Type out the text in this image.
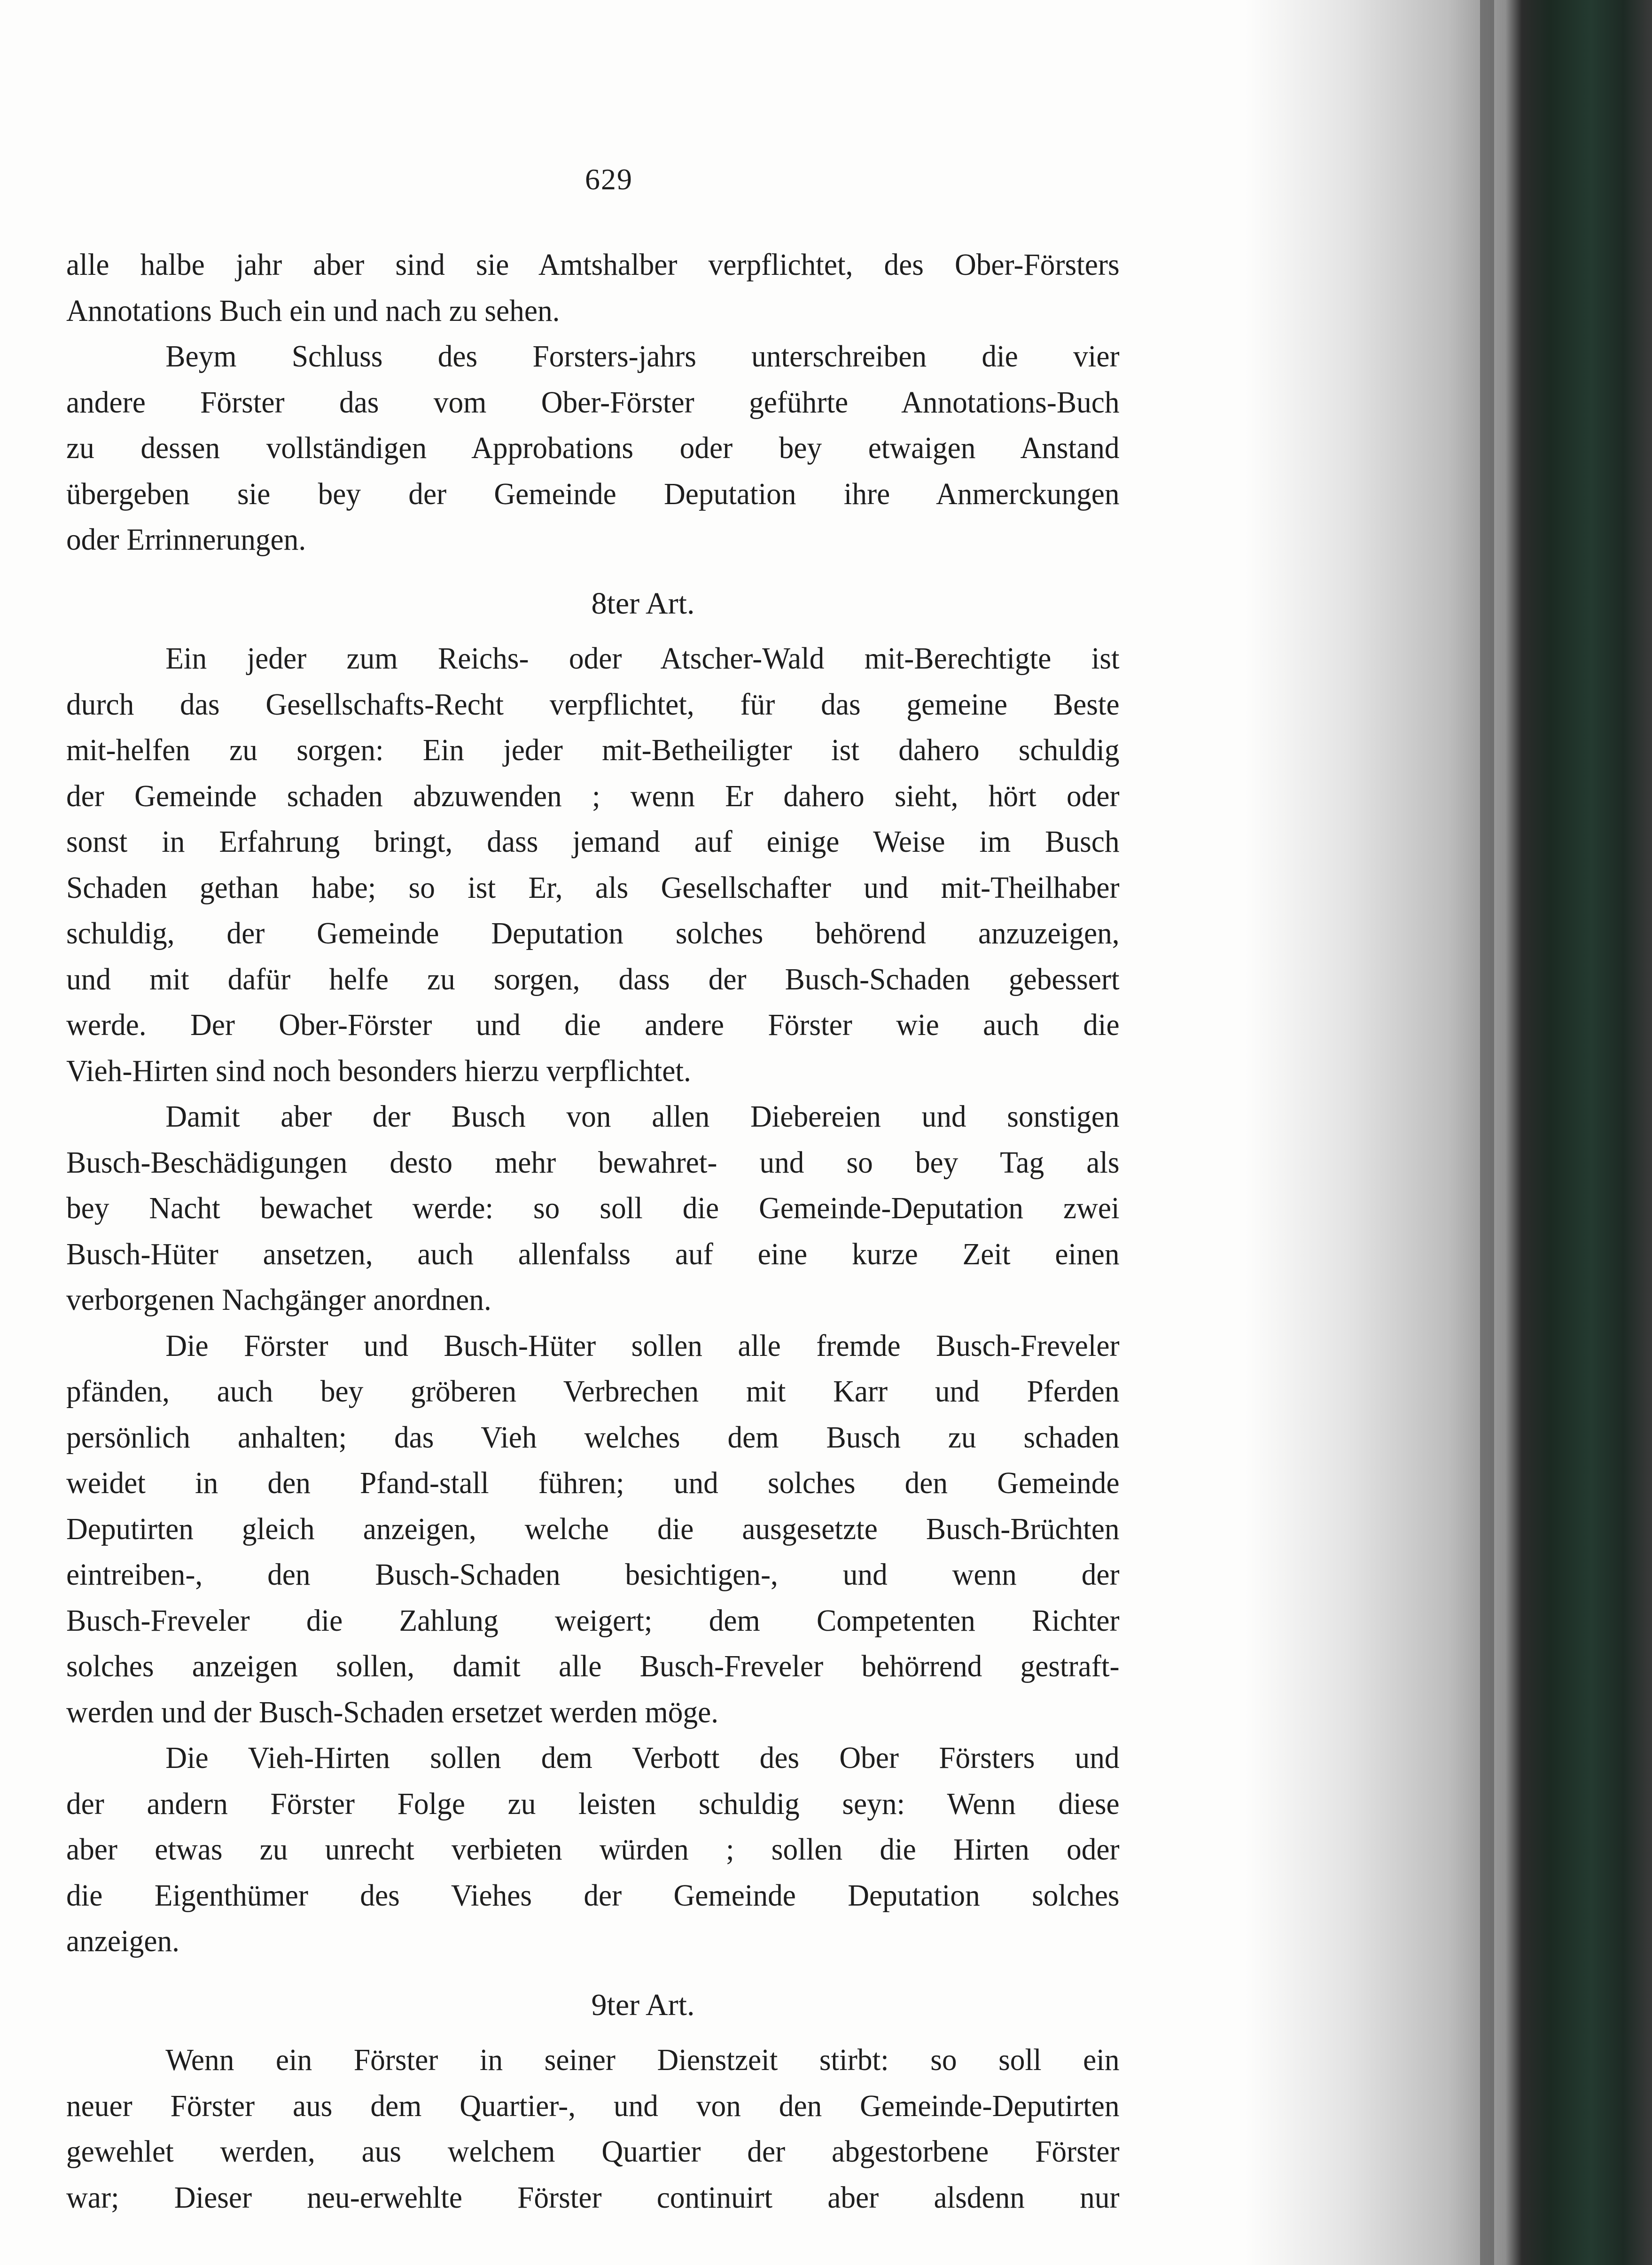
629
alle halbe jahr aber sind sie Amtshalber verpflichtet, des Ober-Försters
Annotations Buch ein und nach zu sehen.
Beym Schluss des Forsters-jahrs unterschreiben die vier
andere Förster das vom Ober-Förster geführte Annotations-Buch
zu dessen vollständigen Approbations oder bey etwaigen Anstand
übergeben sie bey der Gemeinde Deputation ihre Anmerckungen
oder Errinnerungen.
8ter Art.
Ein jeder zum Reichs- oder Atscher-Wald mit-Berechtigte ist
durch das Gesellschafts-Recht verpflichtet, für das gemeine Beste
mit-helfen zu sorgen: Ein jeder mit-Betheiligter ist dahero schuldig
der Gemeinde schaden abzuwenden ; wenn Er dahero sieht, hört oder
sonst in Erfahrung bringt, dass jemand auf einige Weise im Busch
Schaden gethan habe; so ist Er, als Gesellschafter und mit-Theilhaber
schuldig, der Gemeinde Deputation solches behörend anzuzeigen,
und mit dafür helfe zu sorgen, dass der Busch-Schaden gebessert
werde. Der Ober-Förster und die andere Förster wie auch die
Vieh-Hirten sind noch besonders hierzu verpflichtet.
Damit aber der Busch von allen Diebereien und sonstigen
Busch-Beschädigungen desto mehr bewahret- und so bey Tag als
bey Nacht bewachet werde: so soll die Gemeinde-Deputation zwei
Busch-Hüter ansetzen, auch allenfalss auf eine kurze Zeit einen
verborgenen Nachgänger anordnen.
Die Förster und Busch-Hüter sollen alle fremde Busch-Freveler
pfänden, auch bey gröberen Verbrechen mit Karr und Pferden
persönlich anhalten; das Vieh welches dem Busch zu schaden
weidet in den Pfand-stall führen; und solches den Gemeinde
Deputirten gleich anzeigen, welche die ausgesetzte Busch-Brüchten
eintreiben-, den Busch-Schaden besichtigen-, und wenn der
Busch-Freveler die Zahlung weigert; dem Competenten Richter
solches anzeigen sollen, damit alle Busch-Freveler behörrend gestraft-
werden und der Busch-Schaden ersetzet werden möge.
Die Vieh-Hirten sollen dem Verbott des Ober Försters und
der andern Förster Folge zu leisten schuldig seyn: Wenn diese
aber etwas zu unrecht verbieten würden ; sollen die Hirten oder
die Eigenthümer des Viehes der Gemeinde Deputation solches
anzeigen.
9ter Art.
Wenn ein Förster in seiner Dienstzeit stirbt: so soll ein
neuer Förster aus dem Quartier-, und von den Gemeinde-Deputirten
gewehlet werden, aus welchem Quartier der abgestorbene Förster
war; Dieser neu-erwehlte Förster continuirt aber alsdenn nur
